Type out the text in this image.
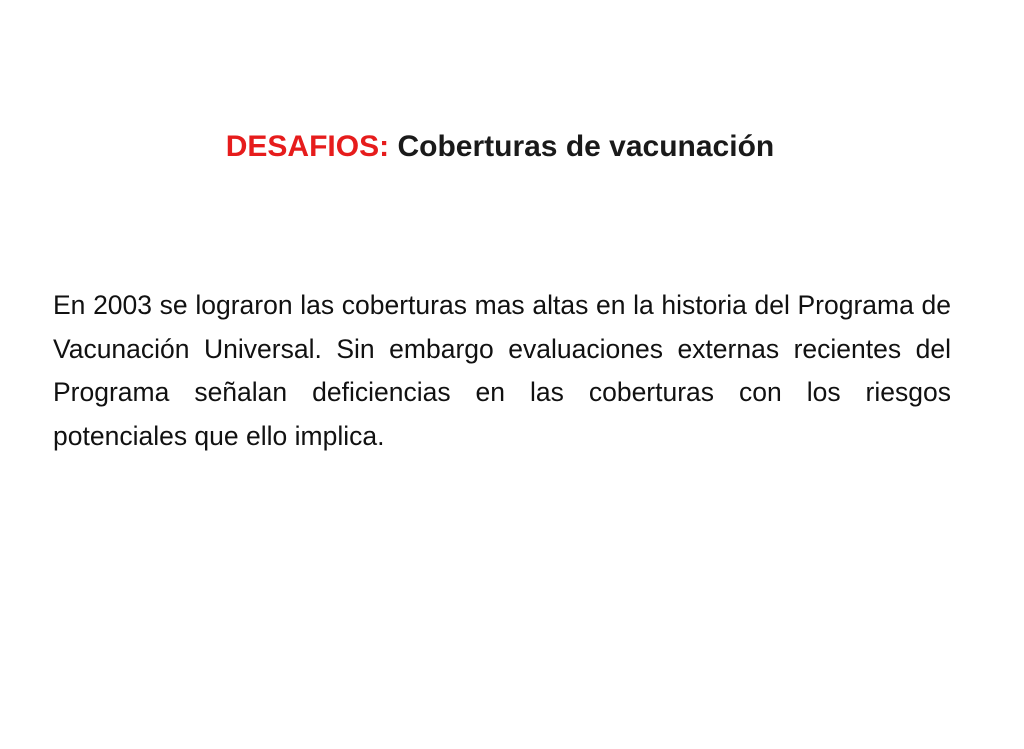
DESAFIOS: Coberturas de vacunación

En 2003 se lograron las coberturas mas altas en la historia del Programa de Vacunación Universal. Sin embargo evaluaciones externas recientes del Programa señalan deficiencias en las coberturas con los riesgos potenciales que ello implica.
